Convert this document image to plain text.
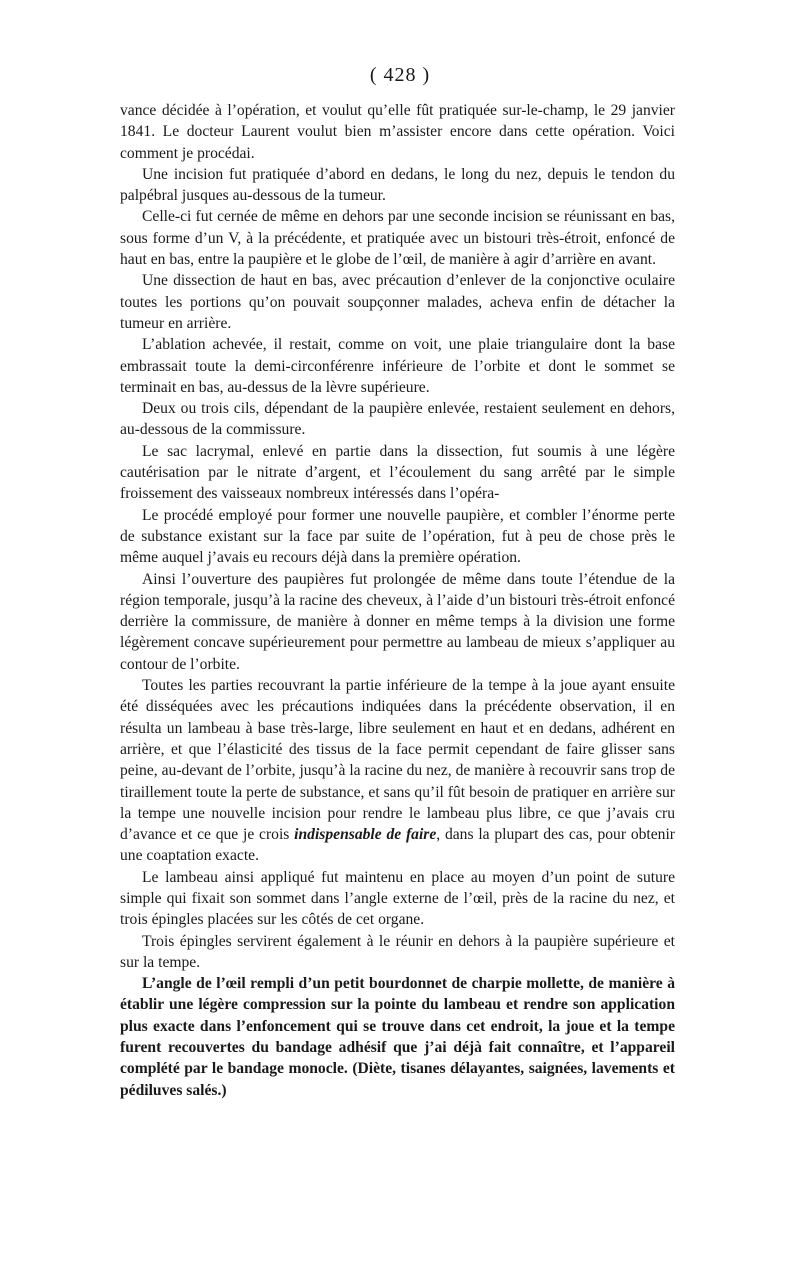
( 428 )

vance décidée à l’opération, et voulut qu’elle fût pratiquée sur-le-champ, le 29 janvier 1841. Le docteur Laurent voulut bien m’assister encore dans cette opération. Voici comment je procédai.

Une incision fut pratiquée d’abord en dedans, le long du nez, depuis le tendon du palpébral jusques au-dessous de la tumeur.

Celle-ci fut cernée de même en dehors par une seconde incision se réunissant en bas, sous forme d’un V, à la précédente, et pratiquée avec un bistouri très-étroit, enfoncé de haut en bas, entre la paupière et le globe de l’œil, de manière à agir d’arrière en avant.

Une dissection de haut en bas, avec précaution d’enlever de la conjonctive oculaire toutes les portions qu’on pouvait soupçonner malades, acheva enfin de détacher la tumeur en arrière.

L’ablation achevée, il restait, comme on voit, une plaie triangulaire dont la base embrassait toute la demi-circonférenre inférieure de l’orbite et dont le sommet se terminait en bas, au-dessus de la lèvre supérieure.

Deux ou trois cils, dépendant de la paupière enlevée, restaient seulement en dehors, au-dessous de la commissure.

Le sac lacrymal, enlevé en partie dans la dissection, fut soumis à une légère cautérisation par le nitrate d’argent, et l’écoulement du sang arrêté par le simple froissement des vaisseaux nombreux intéressés dans l’opéra-

Le procédé employé pour former une nouvelle paupière, et combler l’énorme perte de substance existant sur la face par suite de l’opération, fut à peu de chose près le même auquel j’avais eu recours déjà dans la première opération.

Ainsi l’ouverture des paupières fut prolongée de même dans toute l’étendue de la région temporale, jusqu’à la racine des cheveux, à l’aide d’un bistouri très-étroit enfoncé derrière la commissure, de manière à donner en même temps à la division une forme légèrement concave supérieurement pour permettre au lambeau de mieux s’appliquer au contour de l’orbite.

Toutes les parties recouvrant la partie inférieure de la tempe à la joue ayant ensuite été disséquées avec les précautions indiquées dans la précédente observation, il en résulta un lambeau à base très-large, libre seulement en haut et en dedans, adhérent en arrière, et que l’élasticité des tissus de la face permit cependant de faire glisser sans peine, au-devant de l’orbite, jusqu’à la racine du nez, de manière à recouvrir sans trop de tiraillement toute la perte de substance, et sans qu’il fût besoin de pratiquer en arrière sur la tempe une nouvelle incision pour rendre le lambeau plus libre, ce que j’avais cru d’avance et ce que je crois indispensable de faire, dans la plupart des cas, pour obtenir une coaptation exacte.

Le lambeau ainsi appliqué fut maintenu en place au moyen d’un point de suture simple qui fixait son sommet dans l’angle externe de l’œil, près de la racine du nez, et trois épingles placées sur les côtés de cet organe.

Trois épingles servirent également à le réunir en dehors à la paupière supérieure et sur la tempe.

L’angle de l’œil rempli d’un petit bourdonnet de charpie mollette, de manière à établir une légère compression sur la pointe du lambeau et rendre son application plus exacte dans l’enfoncement qui se trouve dans cet endroit, la joue et la tempe furent recouvertes du bandage adhésif que j’ai déjà fait connaître, et l’appareil complété par le bandage monocle. (Diète, tisanes délayantes, saignées, lavements et pédiluves salés.)
